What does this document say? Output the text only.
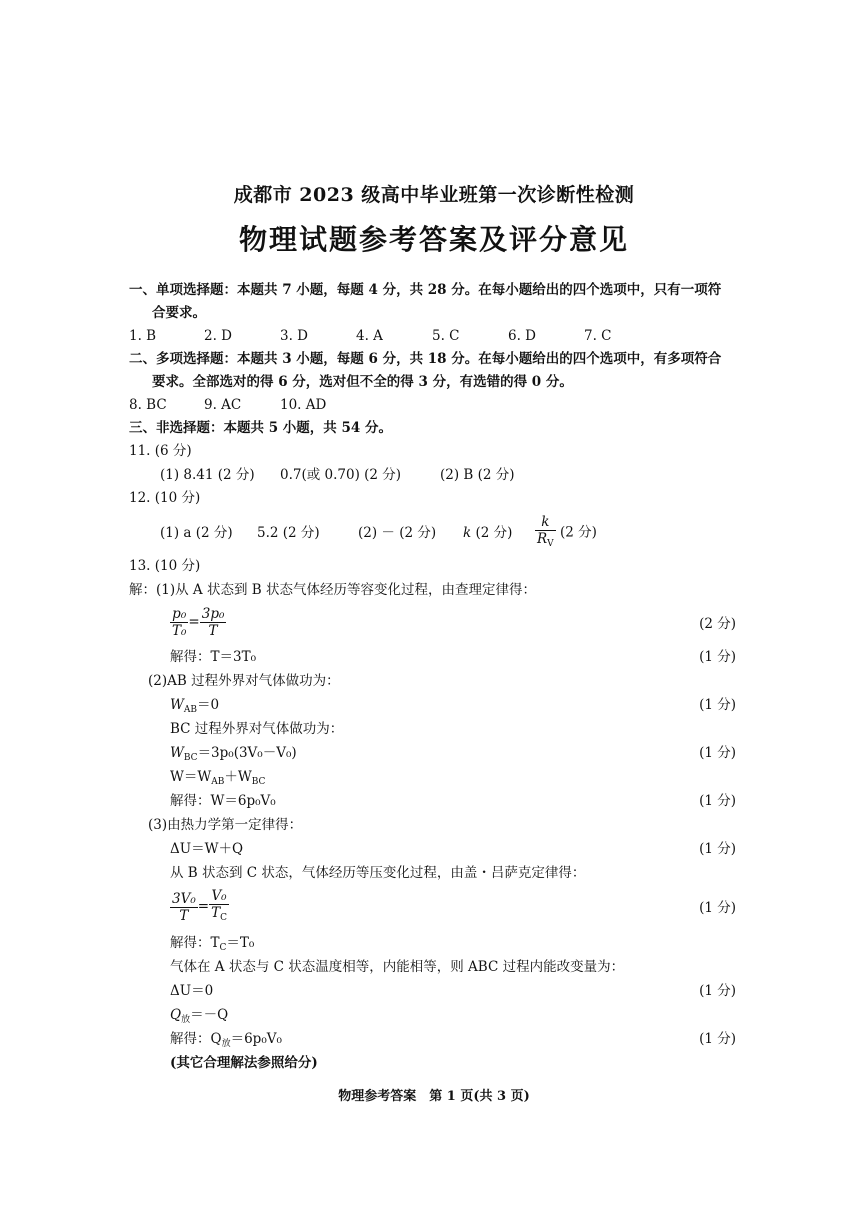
成都市 2023 级高中毕业班第一次诊断性检测
物理试题参考答案及评分意见
一、单项选择题：本题共 7 小题，每题 4 分，共 28 分。在每小题给出的四个选项中，只有一项符
合要求。
1. B	2. D	3. D	4. A	5. C	6. D	7. C
二、多项选择题：本题共 3 小题，每题 6 分，共 18 分。在每小题给出的四个选项中，有多项符合
要求。全部选对的得 6 分，选对但不全的得 3 分，有选错的得 0 分。
8. BC	9. AC	10. AD
三、非选择题：本题共 5 小题，共 54 分。
11. (6 分)
(1) 8.41 (2 分) 0.7(或 0.70) (2 分)	(2) B (2 分)
12. (10 分)
(1) a (2 分) 5.2 (2 分)	(2) － (2 分) k (2 分) $\frac{k}{R_V} (2$ 分)
13. (10 分)
解：(1)从 A 状态到 B 状态气体经历等容变化过程，由查理定律得：
$\frac{\text{p₀}}{\text{T₀}} = \frac{\text{3p₀}}{T}$	(2 分)
解得：T＝3T₀	(1 分)
(2)AB 过程外界对气体做功为：
$W_{AB}=0$	(1 分)
BC 过程外界对气体做功为：
$W_{BC}=3p_0(3V_0-V_0)$	(1 分)
$W=W_{AB}+W_{BC}$
解得：W＝6p₀V₀	(1 分)
(3)由热力学第一定律得：
ΔU＝W＋Q	(1 分)
从 B 状态到 C 状态，气体经历等压变化过程，由盖・吕萨克定律得：
$\frac{\text{3V₀}}{T} = \frac{\text{V₀}}{T_C}$	(1 分)
解得：$T_C=T_0$
气体在 A 状态与 C 状态温度相等，内能相等，则 ABC 过程内能改变量为：
ΔU＝0	(1 分)
$Q_放=-Q$
解得：$Q_放=6p_0V_0$	(1 分)
(其它合理解法参照给分)
物理参考答案　第 1 页(共 3 页)
